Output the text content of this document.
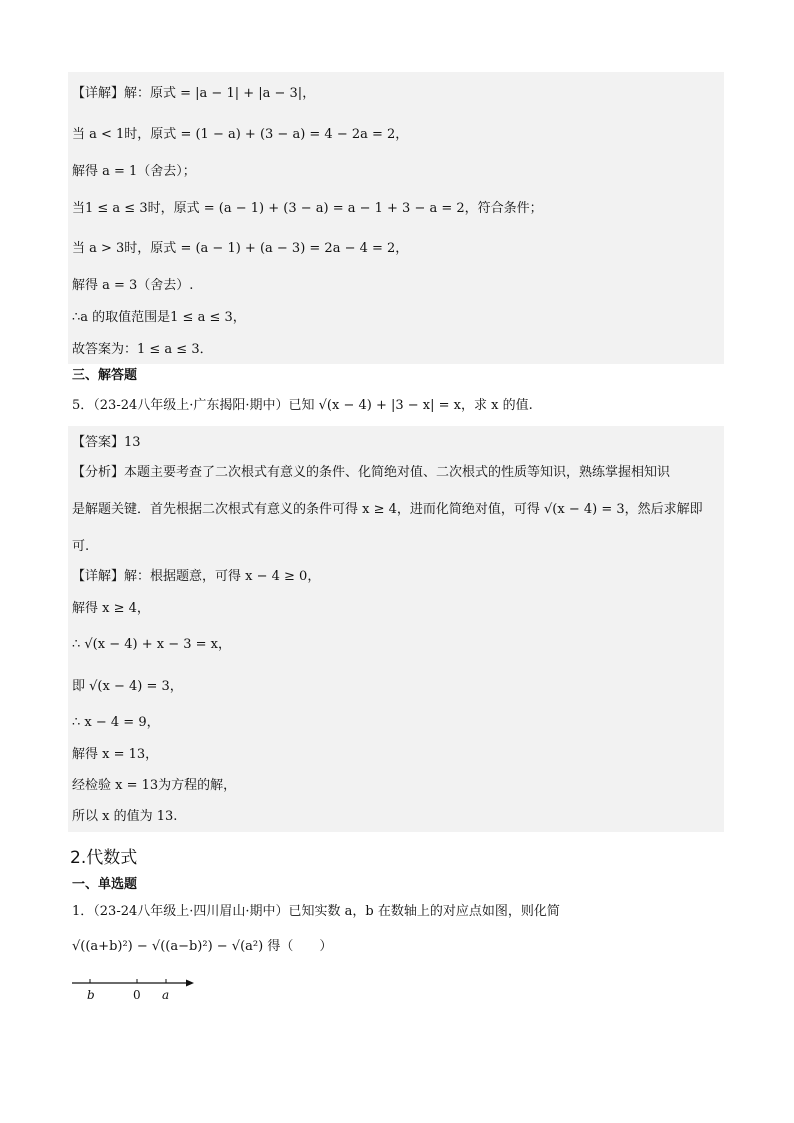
【详解】解：原式 = |a − 1| + |a − 3|，
当 a < 1时，原式 = (1 − a) + (3 − a) = 4 − 2a = 2，
解得 a = 1（舍去）；
当1 ≤ a ≤ 3时，原式 = (a − 1) + (3 − a) = a − 1 + 3 − a = 2，符合条件；
当 a > 3时，原式 = (a − 1) + (a − 3) = 2a − 4 = 2，
解得 a = 3（舍去）.
∴a 的取值范围是1 ≤ a ≤ 3，
故答案为：1 ≤ a ≤ 3．
三、解答题
5．（23-24八年级上·广东揭阳·期中）已知 √(x − 4) + |3 − x| = x，求 x 的值.
【答案】13
【分析】本题主要考查了二次根式有意义的条件、化简绝对值、二次根式的性质等知识，熟练掌握相知识
是解题关键．首先根据二次根式有意义的条件可得 x ≥ 4，进而化简绝对值，可得 √(x − 4) = 3，然后求解即
可.
【详解】解：根据题意，可得 x − 4 ≥ 0，
解得 x ≥ 4，
∴ √(x − 4) + x − 3 = x，
即 √(x − 4) = 3，
∴ x − 4 = 9，
解得 x = 13，
经检验 x = 13为方程的解，
所以 x 的值为 13.
2.代数式
一、单选题
1．（23-24八年级上·四川眉山·期中）已知实数 a，b 在数轴上的对应点如图，则化简
√((a+b)²) − √((a−b)²) − √(a²) 得（　　）
b	0 a
